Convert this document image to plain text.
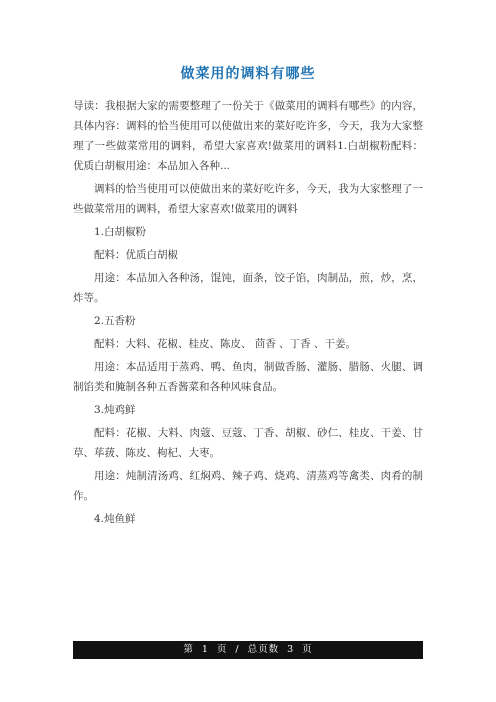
做菜用的调料有哪些

导读：我根据大家的需要整理了一份关于《做菜用的调料有哪些》的内容，具体内容：调料的恰当使用可以使做出来的菜好吃许多，今天，我为大家整理了一些做菜常用的调料，希望大家喜欢!做菜用的调料1.白胡椒粉配料：优质白胡椒用途：本品加入各种...

调料的恰当使用可以使做出来的菜好吃许多，今天，我为大家整理了一些做菜常用的调料，希望大家喜欢!做菜用的调料

1.白胡椒粉

配料：优质白胡椒

用途：本品加入各种汤，馄饨，面条，饺子馅，肉制品，煎，炒，烹，炸等。

2.五香粉

配料：大料、花椒、桂皮、陈皮、 茴香 、丁香 、干姜。

用途：本品适用于蒸鸡、鸭、鱼肉，制做香肠、灌肠、腊肠、火腿、调制馅类和腌制各种五香酱菜和各种风味食品。

3.炖鸡鲜

配料：花椒、大料、肉蔻、豆蔻、丁香、胡椒、砂仁、桂皮、干姜、甘草、荜菝、陈皮、枸杞、大枣。

用途：炖制清汤鸡、红焖鸡、辣子鸡、烧鸡、清蒸鸡等禽类、肉肴的制作。

4.炖鱼鲜

第 1 页 / 总页数 3 页
